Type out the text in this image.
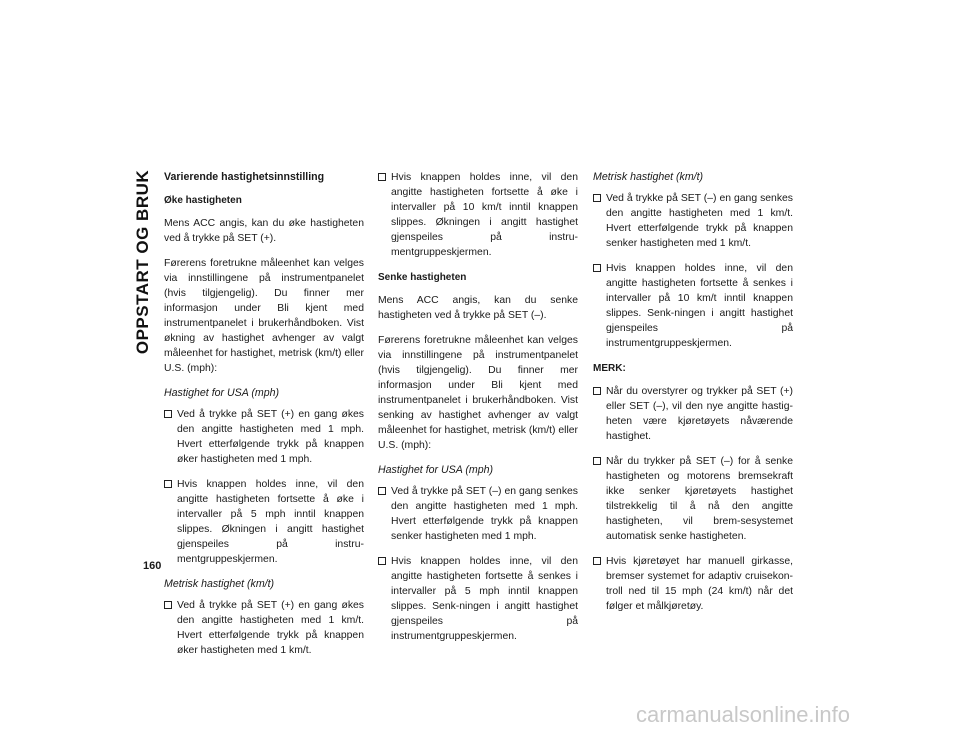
OPPSTART OG BRUK
160
Varierende hastighetsinnstilling
Øke hastigheten

Mens ACC angis, kan du øke hastigheten ved å trykke på SET (+).

Førerens foretrukne måleenhet kan velges via innstillingene på instrumentpanelet (hvis tilgjengelig). Du finner mer informasjon under Bli kjent med instrumentpanelet i brukerhåndboken. Vist økning av hastighet avhenger av valgt måleenhet for hastighet, metrisk (km/t) eller U.S. (mph):

Hastighet for USA (mph)
Ved å trykke på SET (+) en gang økes den angitte hastigheten med 1 mph. Hvert etterfølgende trykk på knappen øker hastigheten med 1 mph.
Hvis knappen holdes inne, vil den angitte hastigheten fortsette å øke i intervaller på 5 mph inntil knappen slippes. Økningen i angitt hastighet gjenspeiles på instru-mentgruppeskjermen.
Metrisk hastighet (km/t)
Ved å trykke på SET (+) en gang økes den angitte hastigheten med 1 km/t. Hvert etterfølgende trykk på knappen øker hastigheten med 1 km/t.
Hvis knappen holdes inne, vil den angitte hastigheten fortsette å øke i intervaller på 10 km/t inntil knappen slippes. Økningen i angitt hastighet gjenspeiles på instru-mentgruppeskjermen.
Senke hastigheten

Mens ACC angis, kan du senke hastigheten ved å trykke på SET (–).

Førerens foretrukne måleenhet kan velges via innstillingene på instrumentpanelet (hvis tilgjengelig). Du finner mer informasjon under Bli kjent med instrumentpanelet i brukerhåndboken. Vist senking av hastighet avhenger av valgt måleenhet for hastighet, metrisk (km/t) eller U.S. (mph):

Hastighet for USA (mph)
Ved å trykke på SET (–) en gang senkes den angitte hastigheten med 1 mph. Hvert etterfølgende trykk på knappen senker hastigheten med 1 mph.
Hvis knappen holdes inne, vil den angitte hastigheten fortsette å senkes i intervaller på 5 mph inntil knappen slippes. Senk-ningen i angitt hastighet gjenspeiles på instrumentgruppeskjermen.
Metrisk hastighet (km/t)
Ved å trykke på SET (–) en gang senkes den angitte hastigheten med 1 km/t. Hvert etterfølgende trykk på knappen senker hastigheten med 1 km/t.
Hvis knappen holdes inne, vil den angitte hastigheten fortsette å senkes i intervaller på 10 km/t inntil knappen slippes. Senk-ningen i angitt hastighet gjenspeiles på instrumentgruppeskjermen.
MERK:
Når du overstyrer og trykker på SET (+) eller SET (–), vil den nye angitte hastig-heten være kjøretøyets nåværende hastighet.
Når du trykker på SET (–) for å senke hastigheten og motorens bremsekraft ikke senker kjøretøyets hastighet tilstrekkelig til å nå den angitte hastigheten, vil brem-sesystemet automatisk senke hastigheten.
Hvis kjøretøyet har manuell girkasse, bremser systemet for adaptiv cruisekon-troll ned til 15 mph (24 km/t) når det følger et målkjøretøy.
carmanualsonline.info
